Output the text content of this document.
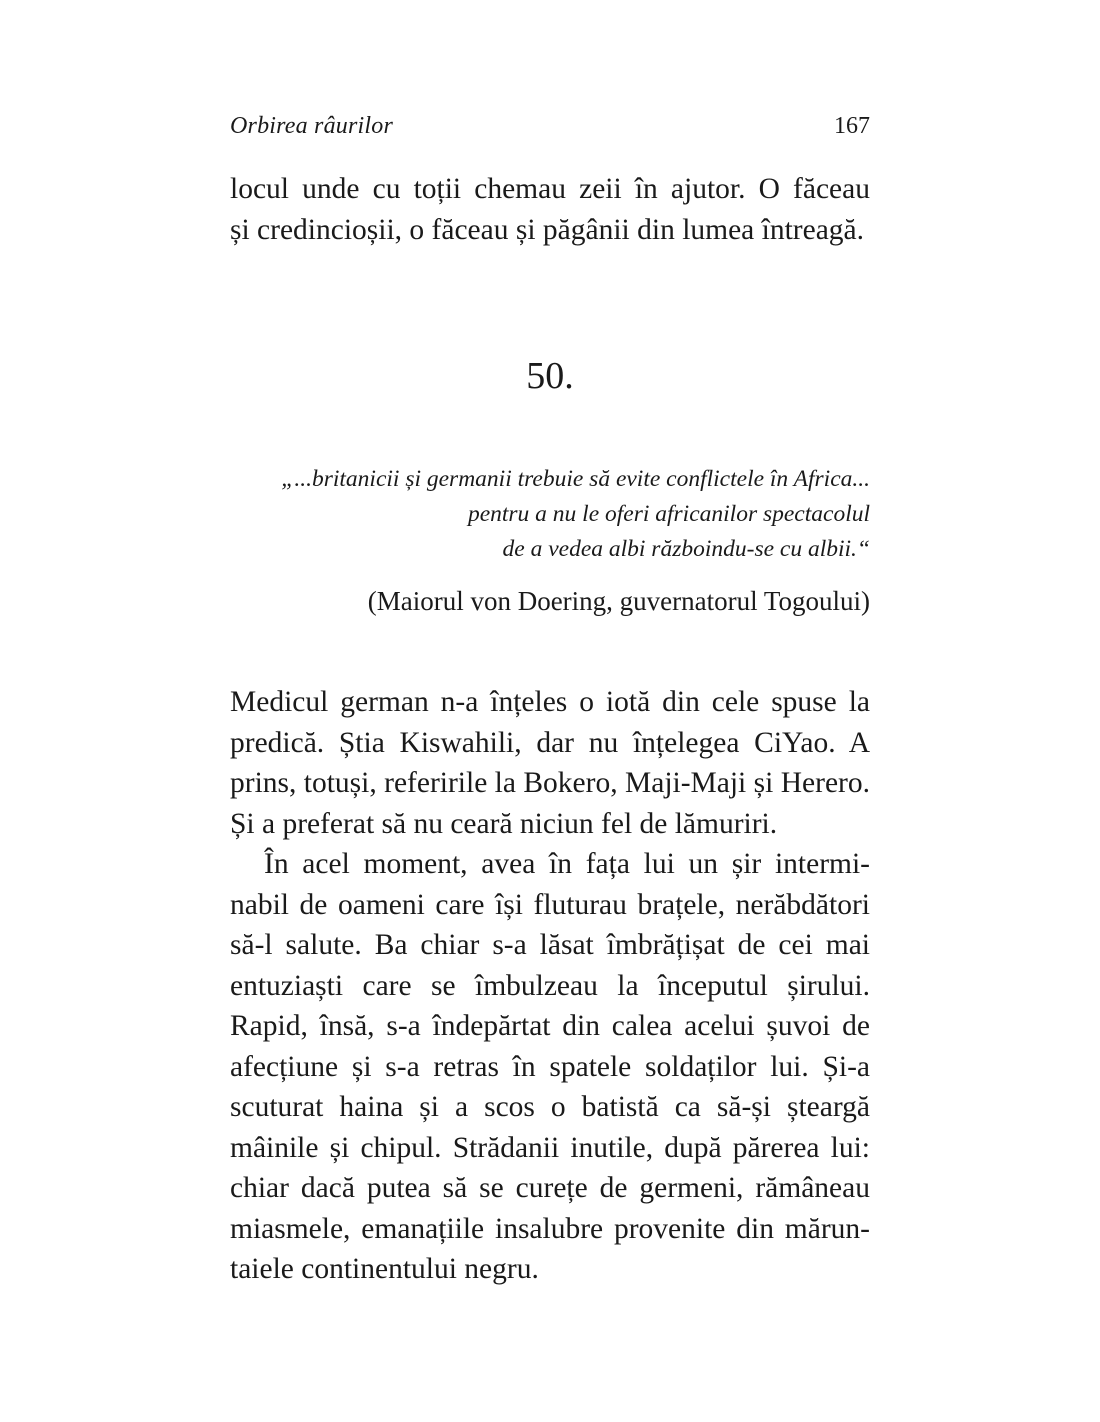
Orbirea râurilor	167
locul unde cu toții chemau zeii în ajutor. O făceau
și credincioșii, o făceau și păgânii din lumea întreagă.
50.
„...britanicii și germanii trebuie să evite conflictele în Africa...
pentru a nu le oferi africanilor spectacolul
de a vedea albi războindu-se cu albii.“
(Maiorul von Doering, guvernatorul Togoului)
Medicul german n-a înțeles o iotă din cele spuse la
predică. Știa Kiswahili, dar nu înțelegea CiYao. A
prins, totuși, referirile la Bokero, Maji-Maji și Herero.
Și a preferat să nu ceară niciun fel de lămuriri.
În acel moment, avea în fața lui un șir intermi-
nabil de oameni care își fluturau brațele, nerăbdători
să-l salute. Ba chiar s-a lăsat îmbrățișat de cei mai
entuziaști care se îmbulzeau la începutul șirului.
Rapid, însă, s-a îndepărtat din calea acelui șuvoi de
afecțiune și s-a retras în spatele soldaților lui. Și-a
scuturat haina și a scos o batistă ca să-și șteargă
mâinile și chipul. Strădanii inutile, după părerea lui:
chiar dacă putea să se curețe de germeni, rămâneau
miasmele, emanațiile insalubre provenite din mărun-
taiele continentului negru.
